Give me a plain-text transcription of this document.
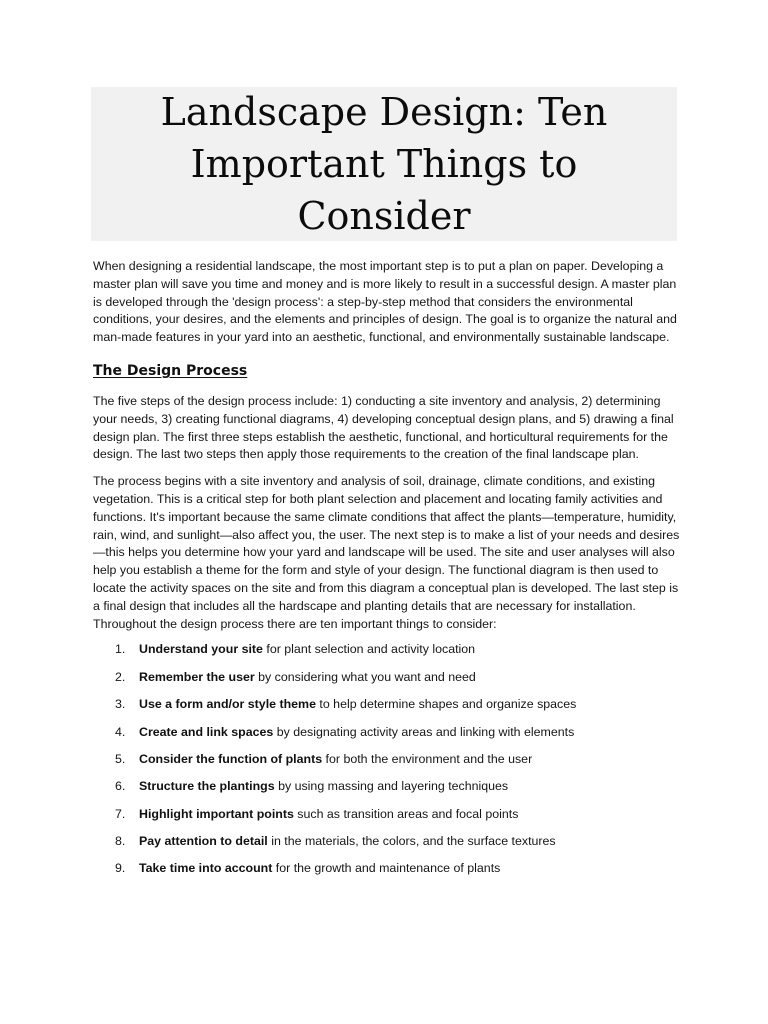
Landscape Design: Ten Important Things to Consider

When designing a residential landscape, the most important step is to put a plan on paper. Developing a master plan will save you time and money and is more likely to result in a successful design. A master plan is developed through the 'design process': a step-by-step method that considers the environmental conditions, your desires, and the elements and principles of design. The goal is to organize the natural and man-made features in your yard into an aesthetic, functional, and environmentally sustainable landscape.

The Design Process

The five steps of the design process include: 1) conducting a site inventory and analysis, 2) determining your needs, 3) creating functional diagrams, 4) developing conceptual design plans, and 5) drawing a final design plan. The first three steps establish the aesthetic, functional, and horticultural requirements for the design. The last two steps then apply those requirements to the creation of the final landscape plan.

The process begins with a site inventory and analysis of soil, drainage, climate conditions, and existing vegetation. This is a critical step for both plant selection and placement and locating family activities and functions. It's important because the same climate conditions that affect the plants—temperature, humidity, rain, wind, and sunlight—also affect you, the user. The next step is to make a list of your needs and desires—this helps you determine how your yard and landscape will be used. The site and user analyses will also help you establish a theme for the form and style of your design. The functional diagram is then used to locate the activity spaces on the site and from this diagram a conceptual plan is developed. The last step is a final design that includes all the hardscape and planting details that are necessary for installation. Throughout the design process there are ten important things to consider:

1. Understand your site for plant selection and activity location
2. Remember the user by considering what you want and need
3. Use a form and/or style theme to help determine shapes and organize spaces
4. Create and link spaces by designating activity areas and linking with elements
5. Consider the function of plants for both the environment and the user
6. Structure the plantings by using massing and layering techniques
7. Highlight important points such as transition areas and focal points
8. Pay attention to detail in the materials, the colors, and the surface textures
9. Take time into account for the growth and maintenance of plants
